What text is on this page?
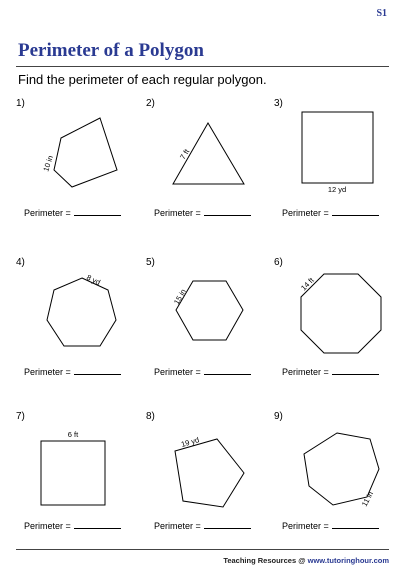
S1
Perimeter of a Polygon
Find the perimeter of each regular polygon.
1)
10 in
Perimeter =
2)
7 ft
Perimeter =
3)
12 yd
Perimeter =
4)
8 yd
Perimeter =
5)
15 in
Perimeter =
6)
14 ft
Perimeter =
7)
6 ft
Perimeter =
8)
19 yd
Perimeter =
9)
11 in
Perimeter =
Teaching Resources @ www.tutoringhour.com
